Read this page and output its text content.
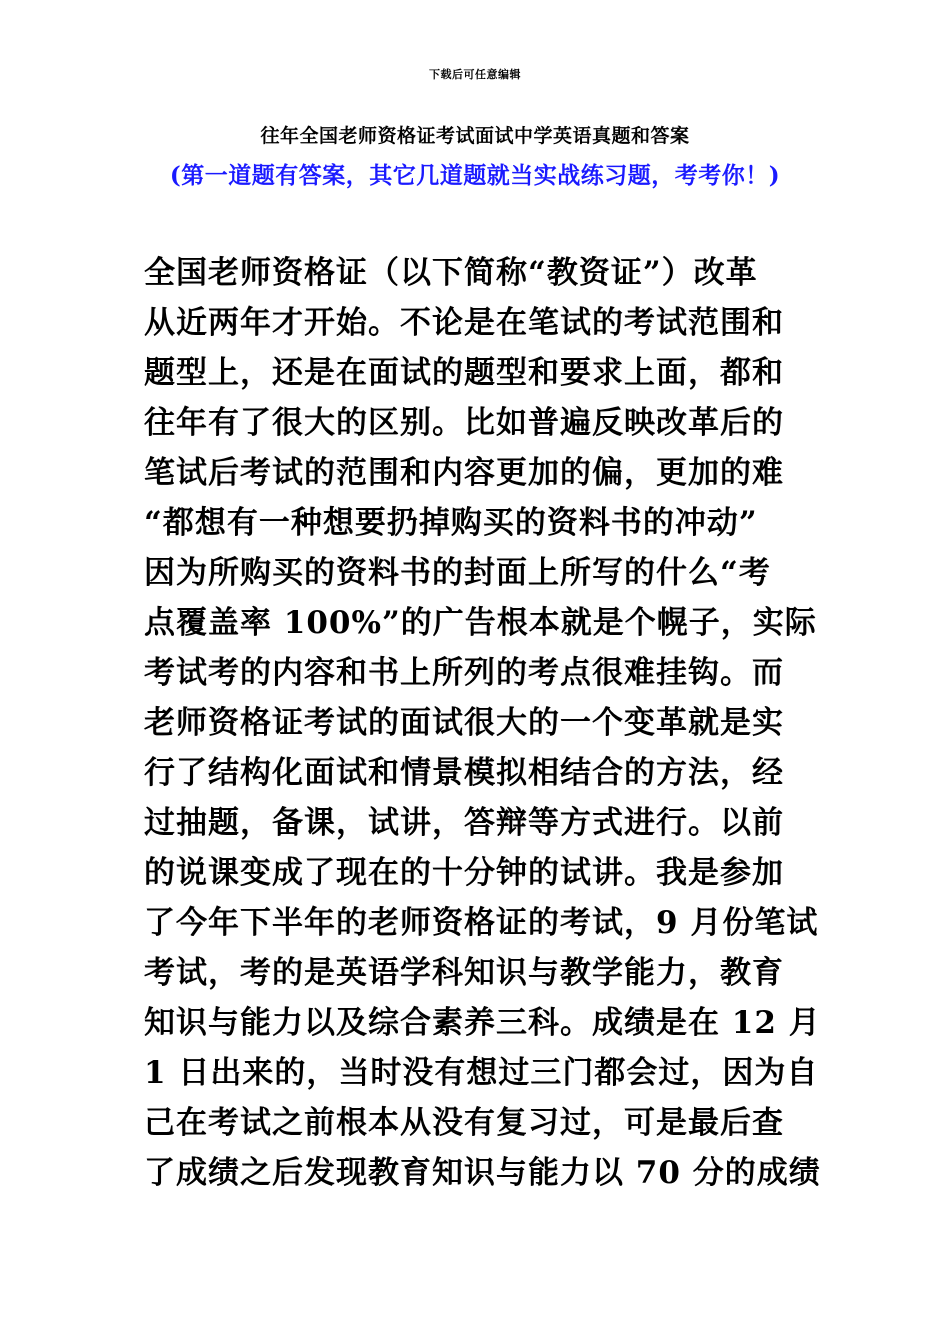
下载后可任意编辑
往年全国老师资格证考试面试中学英语真题和答案
(第一道题有答案，其它几道题就当实战练习题，考考你！)
全国老师资格证（以下简称“教资证”）改革
从近两年才开始。不论是在笔试的考试范围和
题型上，还是在面试的题型和要求上面，都和
往年有了很大的区别。比如普遍反映改革后的
笔试后考试的范围和内容更加的偏，更加的难
“都想有一种想要扔掉购买的资料书的冲动”
因为所购买的资料书的封面上所写的什么“考
点覆盖率 100%”的广告根本就是个幌子，实际
考试考的内容和书上所列的考点很难挂钩。而
老师资格证考试的面试很大的一个变革就是实
行了结构化面试和情景模拟相结合的方法，经
过抽题，备课，试讲，答辩等方式进行。以前
的说课变成了现在的十分钟的试讲。我是参加
了今年下半年的老师资格证的考试，9 月份笔试
考试，考的是英语学科知识与教学能力，教育
知识与能力以及综合素养三科。成绩是在 12 月
1 日出来的，当时没有想过三门都会过，因为自
己在考试之前根本从没有复习过，可是最后查
了成绩之后发现教育知识与能力以 70 分的成绩
